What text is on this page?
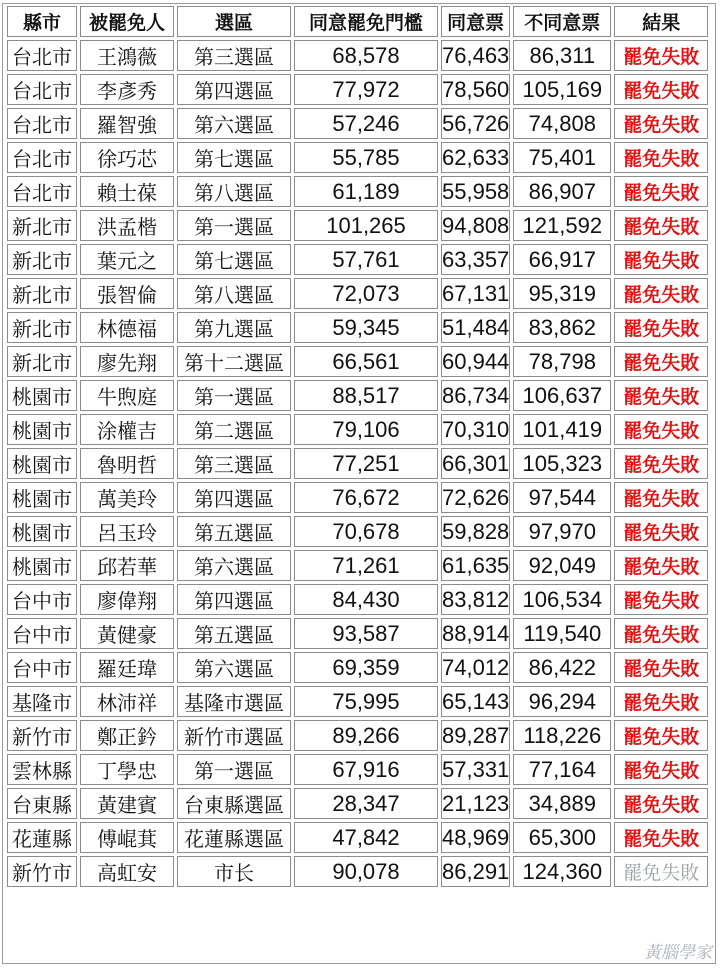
縣市	被罷免人	選區	同意罷免門檻	同意票	不同意票	結果
台北市	王鴻薇	第三選區	68,578	76,463	86,311	罷免失敗
台北市	李彥秀	第四選區	77,972	78,560	105,169	罷免失敗
台北市	羅智強	第六選區	57,246	56,726	74,808	罷免失敗
台北市	徐巧芯	第七選區	55,785	62,633	75,401	罷免失敗
台北市	賴士葆	第八選區	61,189	55,958	86,907	罷免失敗
新北市	洪孟楷	第一選區	101,265	94,808	121,592	罷免失敗
新北市	葉元之	第七選區	57,761	63,357	66,917	罷免失敗
新北市	張智倫	第八選區	72,073	67,131	95,319	罷免失敗
新北市	林德福	第九選區	59,345	51,484	83,862	罷免失敗
新北市	廖先翔	第十二選區	66,561	60,944	78,798	罷免失敗
桃園市	牛煦庭	第一選區	88,517	86,734	106,637	罷免失敗
桃園市	涂權吉	第二選區	79,106	70,310	101,419	罷免失敗
桃園市	魯明哲	第三選區	77,251	66,301	105,323	罷免失敗
桃園市	萬美玲	第四選區	76,672	72,626	97,544	罷免失敗
桃園市	呂玉玲	第五選區	70,678	59,828	97,970	罷免失敗
桃園市	邱若華	第六選區	71,261	61,635	92,049	罷免失敗
台中市	廖偉翔	第四選區	84,430	83,812	106,534	罷免失敗
台中市	黃健豪	第五選區	93,587	88,914	119,540	罷免失敗
台中市	羅廷瑋	第六選區	69,359	74,012	86,422	罷免失敗
基隆市	林沛祥	基隆市選區	75,995	65,143	96,294	罷免失敗
新竹市	鄭正鈐	新竹市選區	89,266	89,287	118,226	罷免失敗
雲林縣	丁學忠	第一選區	67,916	57,331	77,164	罷免失敗
台東縣	黃建賓	台東縣選區	28,347	21,123	34,889	罷免失敗
花蓮縣	傅崐萁	花蓮縣選區	47,842	48,969	65,300	罷免失敗
新竹市	高虹安	市长	90,078	86,291	124,360	罷免失敗
黃腦學家
